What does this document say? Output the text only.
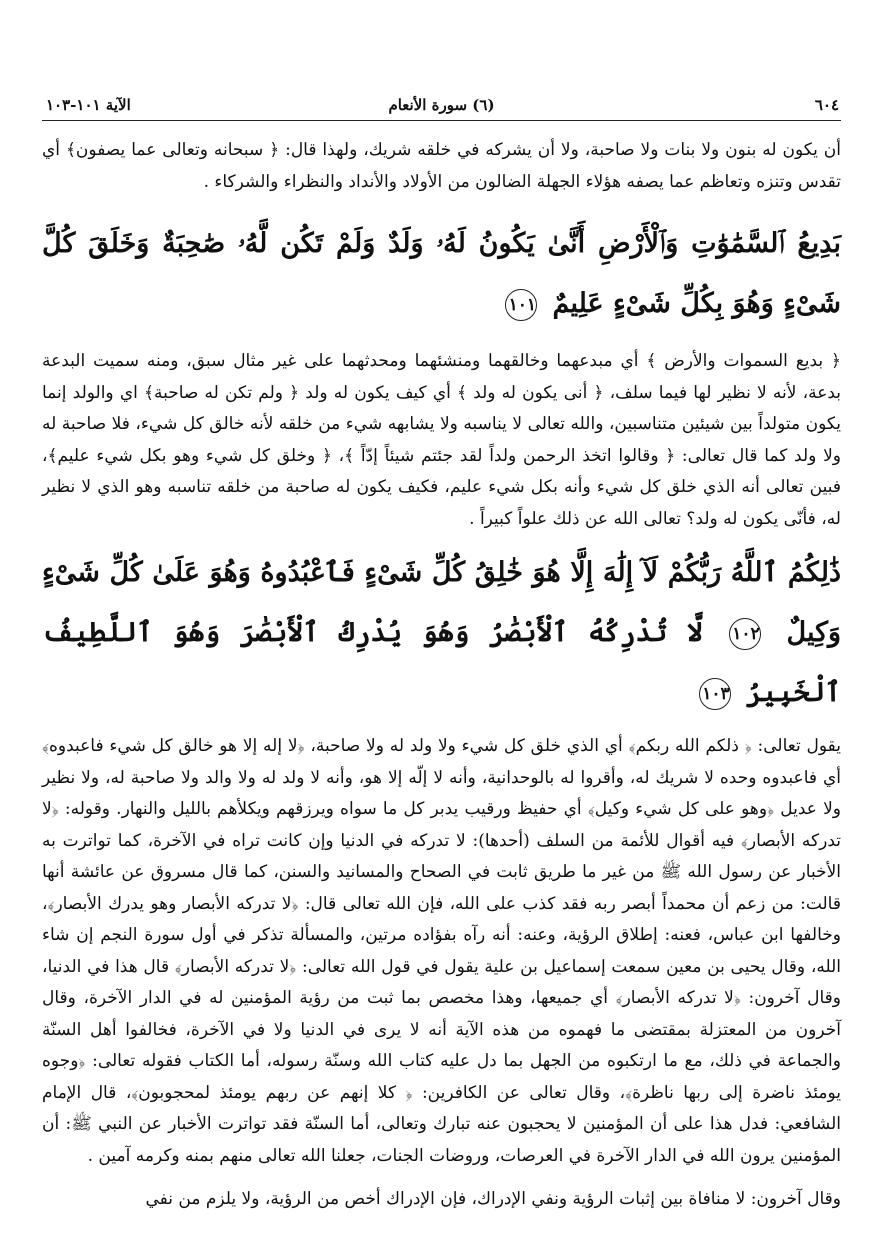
٦٠٤
(٦) سورة الأنعام
الآية ١٠١-١٠٣

أن يكون له بنون ولا بنات ولا صاحبة، ولا أن يشركه في خلقه شريك، ولهذا قال: ﴿ سبحانه وتعالى عما يصفون﴾ أي تقدس وتنزه وتعاظم عما يصفه هؤلاء الجهلة الضالون من الأولاد والأنداد والنظراء والشركاء .

بَدِيعُ ٱلسَّمَٰوَٰتِ وَٱلْأَرْضِ أَنَّىٰ يَكُونُ لَهُۥ وَلَدٌ وَلَمْ تَكُن لَّهُۥ صَٰحِبَةٌ وَخَلَقَ كُلَّ شَىْءٍ وَهُوَ بِكُلِّ شَىْءٍ عَلِيمٌ ١٠١

﴿ بديع السموات والأرض ﴾ أي مبدعهما وخالقهما ومنشئهما ومحدثهما على غير مثال سبق، ومنه سميت البدعة بدعة، لأنه لا نظير لها فيما سلف، ﴿ أنى يكون له ولد ﴾ أي كيف يكون له ولد ﴿ ولم تكن له صاحبة﴾ اي والولد إنما يكون متولداً بين شيئين متناسبين، والله تعالى لا يناسبه ولا يشابهه شيء من خلقه لأنه خالق كل شيء، فلا صاحبة له ولا ولد كما قال تعالى: ﴿ وقالوا اتخذ الرحمن ولداً لقد جئتم شيئاً إدّاً ﴾، ﴿ وخلق كل شيء وهو بكل شيء عليم﴾، فبين تعالى أنه الذي خلق كل شيء وأنه بكل شيء عليم، فكيف يكون له صاحبة من خلقه تناسبه وهو الذي لا نظير له، فأنّى يكون له ولد؟ تعالى الله عن ذلك علواً كبيراً .

ذَٰلِكُمُ ٱللَّهُ رَبُّكُمْ لَآ إِلَٰهَ إِلَّا هُوَ خَٰلِقُ كُلِّ شَىْءٍ فَٱعْبُدُوهُ وَهُوَ عَلَىٰ كُلِّ شَىْءٍ وَكِيلٌ ١٠٢ لَّا تُدْرِكُهُ ٱلْأَبْصَٰرُ وَهُوَ يُدْرِكُ ٱلْأَبْصَٰرَ وَهُوَ ٱللَّطِيفُ ٱلْخَبِيرُ ١٠٣

يقول تعالى: ﴿ ذلكم الله ربكم﴾ أي الذي خلق كل شيء ولا ولد له ولا صاحبة، ﴿لا إله إلا هو خالق كل شيء فاعبدوه﴾ أي فاعبدوه وحده لا شريك له، وأقروا له بالوحدانية، وأنه لا إلّه إلا هو، وأنه لا ولد له ولا والد ولا صاحبة له، ولا نظير ولا عديل ﴿وهو على كل شيء وكيل﴾ أي حفيظ ورقيب يدبر كل ما سواه ويرزقهم ويكلأهم بالليل والنهار. وقوله: ﴿لا تدركه الأبصار﴾ فيه أقوال للأئمة من السلف (أحدها): لا تدركه في الدنيا وإن كانت تراه في الآخرة، كما تواترت به الأخبار عن رسول الله ﷺ من غير ما طريق ثابت في الصحاح والمسانيد والسنن، كما قال مسروق عن عائشة أنها قالت: من زعم أن محمداً أبصر ربه فقد كذب على الله، فإن الله تعالى قال: ﴿لا تدركه الأبصار وهو يدرك الأبصار﴾، وخالفها ابن عباس، فعنه: إطلاق الرؤية، وعنه: أنه رآه بفؤاده مرتين، والمسألة تذكر في أول سورة النجم إن شاء الله، وقال يحيى بن معين سمعت إسماعيل بن علية يقول في قول الله تعالى: ﴿لا تدركه الأبصار﴾ قال هذا في الدنيا، وقال آخرون: ﴿لا تدركه الأبصار﴾ أي جميعها، وهذا مخصص بما ثبت من رؤية المؤمنين له في الدار الآخرة، وقال آخرون من المعتزلة بمقتضى ما فهموه من هذه الآية أنه لا يرى في الدنيا ولا في الآخرة، فخالفوا أهل السنّة والجماعة في ذلك، مع ما ارتكبوه من الجهل بما دل عليه كتاب الله وسنّة رسوله، أما الكتاب فقوله تعالى: ﴿وجوه يومئذ ناضرة إلى ربها ناظرة﴾، وقال تعالى عن الكافرين: ﴿ كلا إنهم عن ربهم يومئذ لمحجوبون﴾، قال الإمام الشافعي: فدل هذا على أن المؤمنين لا يحجبون عنه تبارك وتعالى، أما السنّة فقد تواترت الأخبار عن النبي ﷺ: أن المؤمنين يرون الله في الدار الآخرة في العرصات، وروضات الجنات، جعلنا الله تعالى منهم بمنه وكرمه آمين .

وقال آخرون: لا منافاة بين إثبات الرؤية ونفي الإدراك، فإن الإدراك أخص من الرؤية، ولا يلزم من نفي
